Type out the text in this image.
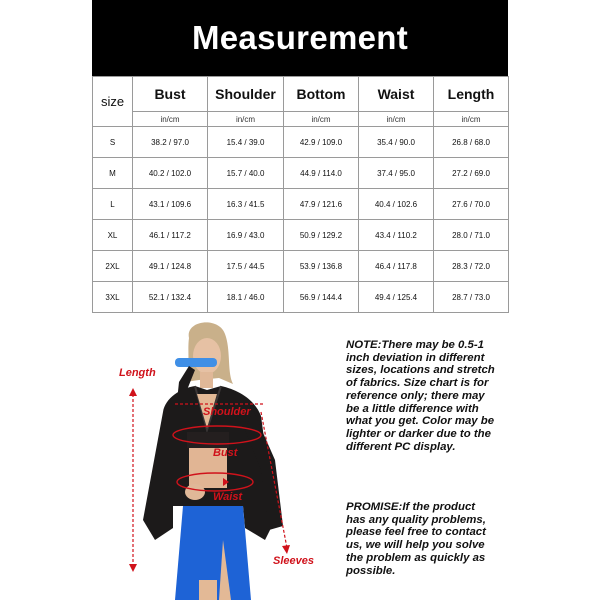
Measurement
size	Bust	Shoulder	Bottom	Waist	Length
	in/cm	in/cm	in/cm	in/cm	in/cm
S	38.2 / 97.0	15.4 / 39.0	42.9 / 109.0	35.4 / 90.0	26.8 / 68.0
M	40.2 / 102.0	15.7 / 40.0	44.9 / 114.0	37.4 / 95.0	27.2 / 69.0
L	43.1 / 109.6	16.3 / 41.5	47.9 / 121.6	40.4 / 102.6	27.6 / 70.0
XL	46.1 / 117.2	16.9 / 43.0	50.9 / 129.2	43.4 / 110.2	28.0 / 71.0
2XL	49.1 / 124.8	17.5 / 44.5	53.9 / 136.8	46.4 / 117.8	28.3 / 72.0
3XL	52.1 / 132.4	18.1 / 46.0	56.9 / 144.4	49.4 / 125.4	28.7 / 73.0
Length
Shoulder
Bust
Waist
Sleeves
NOTE:There may be 0.5-1 inch deviation in different sizes, locations and stretch of fabrics. Size chart is for reference only; there may be a little difference with what you get. Color may be lighter or darker due to the different PC display.
PROMISE:If the product has any quality problems, please feel free to contact us, we will help you solve the problem as quickly as possible.
